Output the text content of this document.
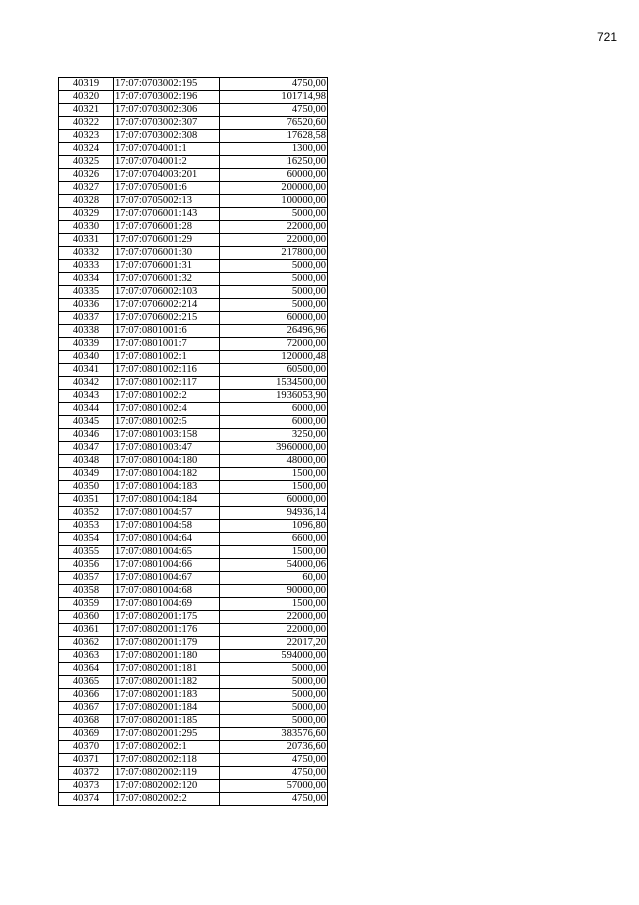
721
40319	17:07:0703002:195	4750,00
40320	17:07:0703002:196	101714,98
40321	17:07:0703002:306	4750,00
40322	17:07:0703002:307	76520,60
40323	17:07:0703002:308	17628,58
40324	17:07:0704001:1	1300,00
40325	17:07:0704001:2	16250,00
40326	17:07:0704003:201	60000,00
40327	17:07:0705001:6	200000,00
40328	17:07:0705002:13	100000,00
40329	17:07:0706001:143	5000,00
40330	17:07:0706001:28	22000,00
40331	17:07:0706001:29	22000,00
40332	17:07:0706001:30	217800,00
40333	17:07:0706001:31	5000,00
40334	17:07:0706001:32	5000,00
40335	17:07:0706002:103	5000,00
40336	17:07:0706002:214	5000,00
40337	17:07:0706002:215	60000,00
40338	17:07:0801001:6	26496,96
40339	17:07:0801001:7	72000,00
40340	17:07:0801002:1	120000,48
40341	17:07:0801002:116	60500,00
40342	17:07:0801002:117	1534500,00
40343	17:07:0801002:2	1936053,90
40344	17:07:0801002:4	6000,00
40345	17:07:0801002:5	6000,00
40346	17:07:0801003:158	3250,00
40347	17:07:0801003:47	3960000,00
40348	17:07:0801004:180	48000,00
40349	17:07:0801004:182	1500,00
40350	17:07:0801004:183	1500,00
40351	17:07:0801004:184	60000,00
40352	17:07:0801004:57	94936,14
40353	17:07:0801004:58	1096,80
40354	17:07:0801004:64	6600,00
40355	17:07:0801004:65	1500,00
40356	17:07:0801004:66	54000,06
40357	17:07:0801004:67	60,00
40358	17:07:0801004:68	90000,00
40359	17:07:0801004:69	1500,00
40360	17:07:0802001:175	22000,00
40361	17:07:0802001:176	22000,00
40362	17:07:0802001:179	22017,20
40363	17:07:0802001:180	594000,00
40364	17:07:0802001:181	5000,00
40365	17:07:0802001:182	5000,00
40366	17:07:0802001:183	5000,00
40367	17:07:0802001:184	5000,00
40368	17:07:0802001:185	5000,00
40369	17:07:0802001:295	383576,60
40370	17:07:0802002:1	20736,60
40371	17:07:0802002:118	4750,00
40372	17:07:0802002:119	4750,00
40373	17:07:0802002:120	57000,00
40374	17:07:0802002:2	4750,00
